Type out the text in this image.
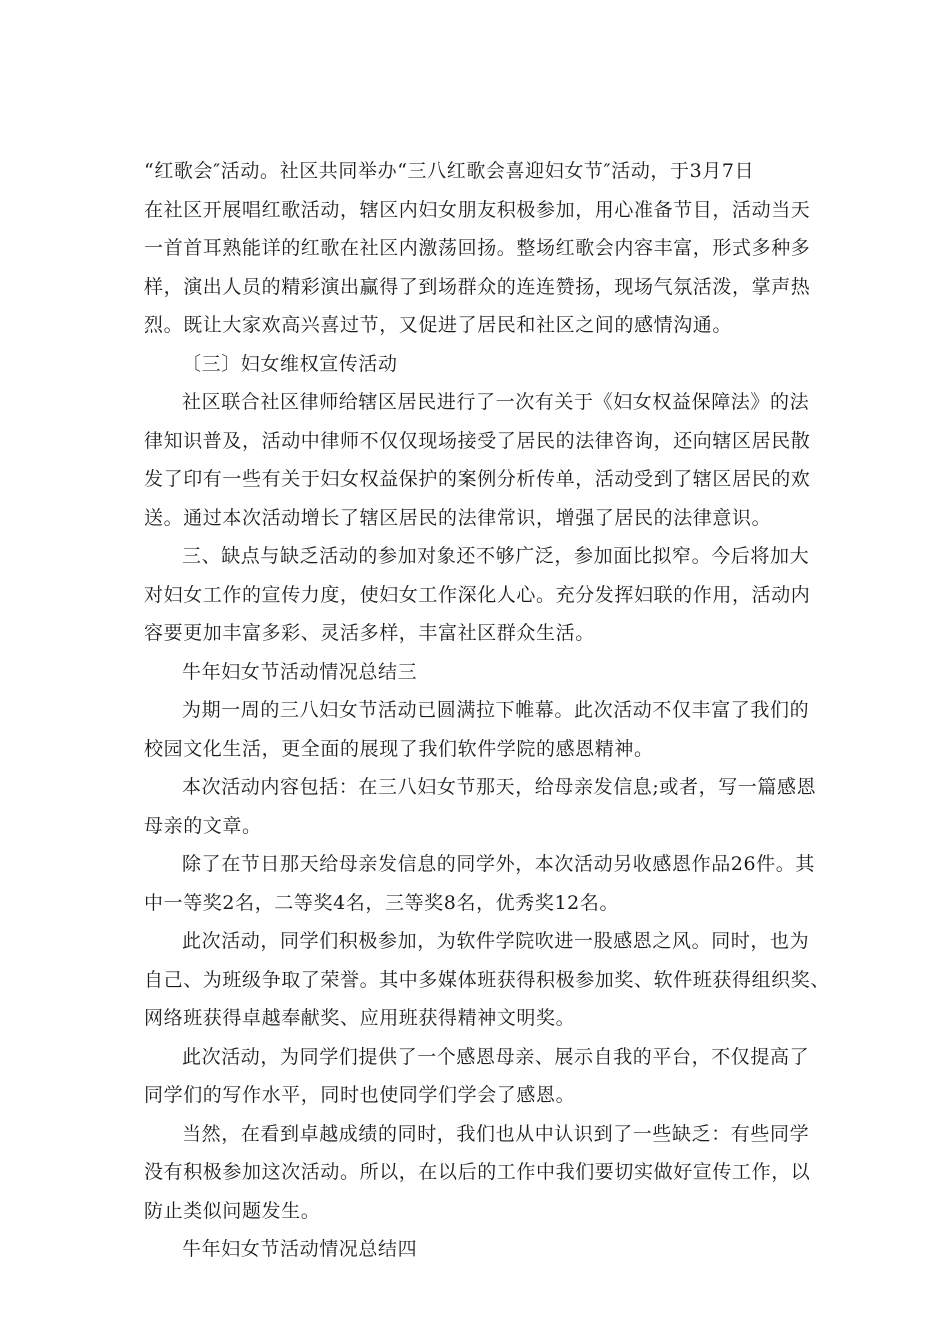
“红歌会″活动。社区共同举办“三八红歌会喜迎妇女节″活动，于3月7日
在社区开展唱红歌活动，辖区内妇女朋友积极参加，用心准备节目，活动当天
一首首耳熟能详的红歌在社区内激荡回扬。整场红歌会内容丰富，形式多种多
样，演出人员的精彩演出赢得了到场群众的连连赞扬，现场气氛活泼，掌声热
烈。既让大家欢高兴喜过节，又促进了居民和社区之间的感情沟通。
〔三〕妇女维权宣传活动
社区联合社区律师给辖区居民进行了一次有关于《妇女权益保障法》的法
律知识普及，活动中律师不仅仅现场接受了居民的法律咨询，还向辖区居民散
发了印有一些有关于妇女权益保护的案例分析传单，活动受到了辖区居民的欢
送。通过本次活动增长了辖区居民的法律常识，增强了居民的法律意识。
三、缺点与缺乏活动的参加对象还不够广泛，参加面比拟窄。今后将加大
对妇女工作的宣传力度，使妇女工作深化人心。充分发挥妇联的作用，活动内
容要更加丰富多彩、灵活多样，丰富社区群众生活。
牛年妇女节活动情况总结三
为期一周的三八妇女节活动已圆满拉下帷幕。此次活动不仅丰富了我们的
校园文化生活，更全面的展现了我们软件学院的感恩精神。
本次活动内容包括：在三八妇女节那天，给母亲发信息;或者，写一篇感恩
母亲的文章。
除了在节日那天给母亲发信息的同学外，本次活动另收感恩作品26件。其
中一等奖2名，二等奖4名，三等奖8名，优秀奖12名。
此次活动，同学们积极参加，为软件学院吹进一股感恩之风。同时，也为
自己、为班级争取了荣誉。其中多媒体班获得积极参加奖、软件班获得组织奖、
网络班获得卓越奉献奖、应用班获得精神文明奖。
此次活动，为同学们提供了一个感恩母亲、展示自我的平台，不仅提高了
同学们的写作水平，同时也使同学们学会了感恩。
当然，在看到卓越成绩的同时，我们也从中认识到了一些缺乏：有些同学
没有积极参加这次活动。所以，在以后的工作中我们要切实做好宣传工作，以
防止类似问题发生。
牛年妇女节活动情况总结四
